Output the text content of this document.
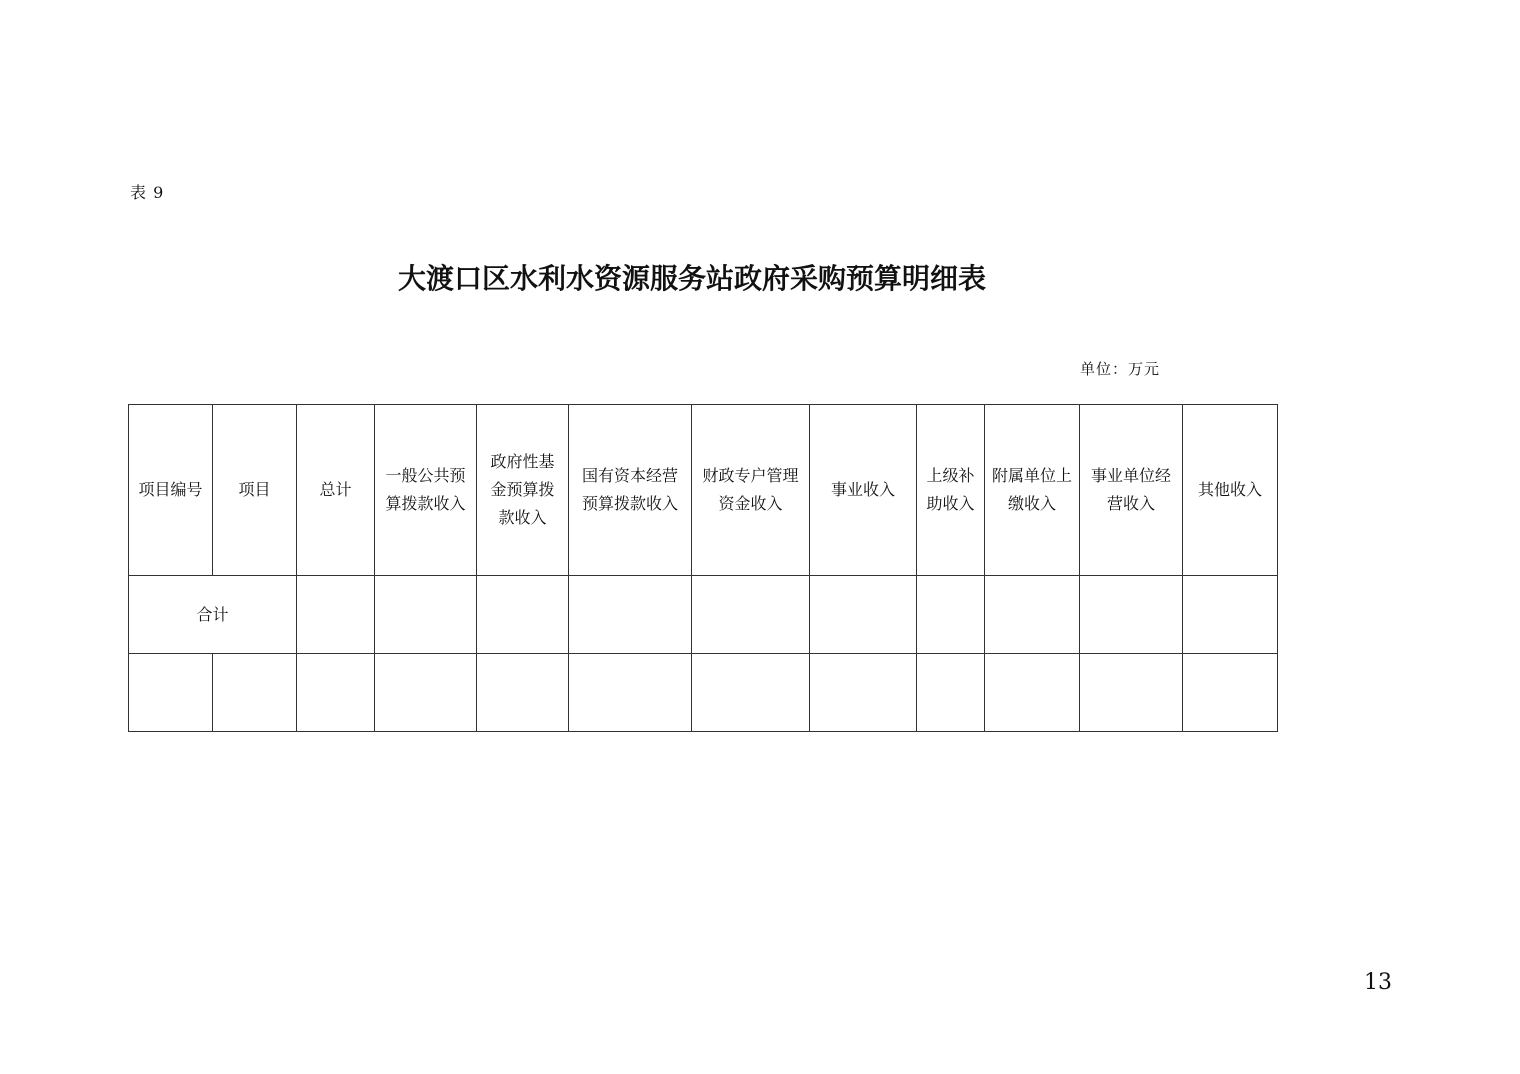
表 9
大渡口区水利水资源服务站政府采购预算明细表
单位：万元
项目编号	项目	总计	一般公共预算拨款收入	政府性基金预算拨款收入	国有资本经营预算拨款收入	财政专户管理资金收入	事业收入	上级补助收入	附属单位上缴收入	事业单位经营收入	其他收入
合计											

13
